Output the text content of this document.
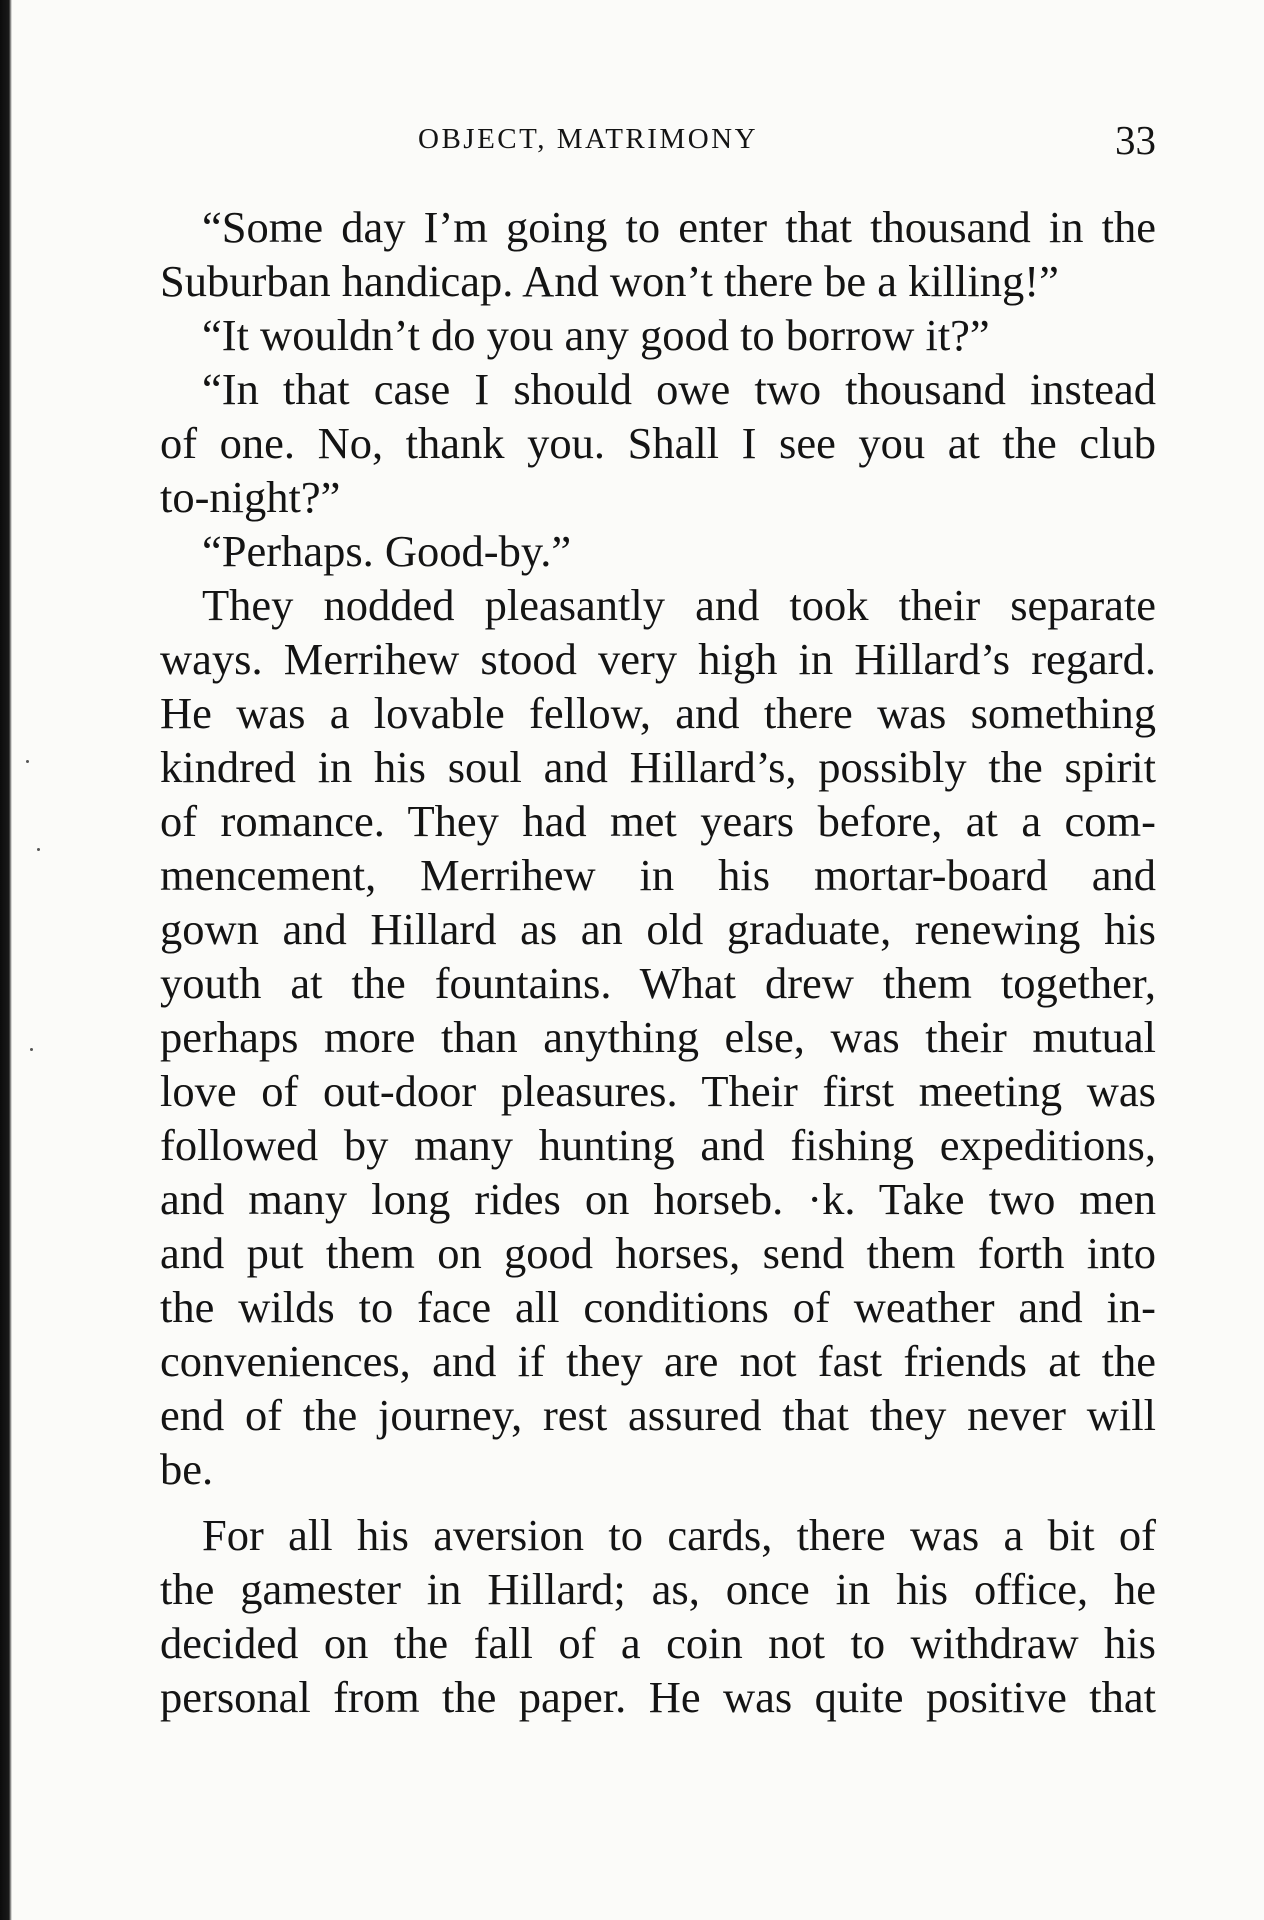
OBJECT, MATRIMONY	33
“Some day I’m going to enter that thousand in the
Suburban handicap. And won’t there be a killing!”
“It wouldn’t do you any good to borrow it?”
“In that case I should owe two thousand instead
of one. No, thank you. Shall I see you at the club
to-night?”
“Perhaps. Good-by.”
They nodded pleasantly and took their separate
ways. Merrihew stood very high in Hillard’s regard.
He was a lovable fellow, and there was something
kindred in his soul and Hillard’s, possibly the spirit
of romance. They had met years before, at a com-
mencement, Merrihew in his mortar-board and
gown and Hillard as an old graduate, renewing his
youth at the fountains. What drew them together,
perhaps more than anything else, was their mutual
love of out-door pleasures. Their first meeting was
followed by many hunting and fishing expeditions,
and many long rides on horseb. ·k. Take two men
and put them on good horses, send them forth into
the wilds to face all conditions of weather and in-
conveniences, and if they are not fast friends at the
end of the journey, rest assured that they never will
be.
For all his aversion to cards, there was a bit of
the gamester in Hillard; as, once in his office, he
decided on the fall of a coin not to withdraw his
personal from the paper. He was quite positive that
